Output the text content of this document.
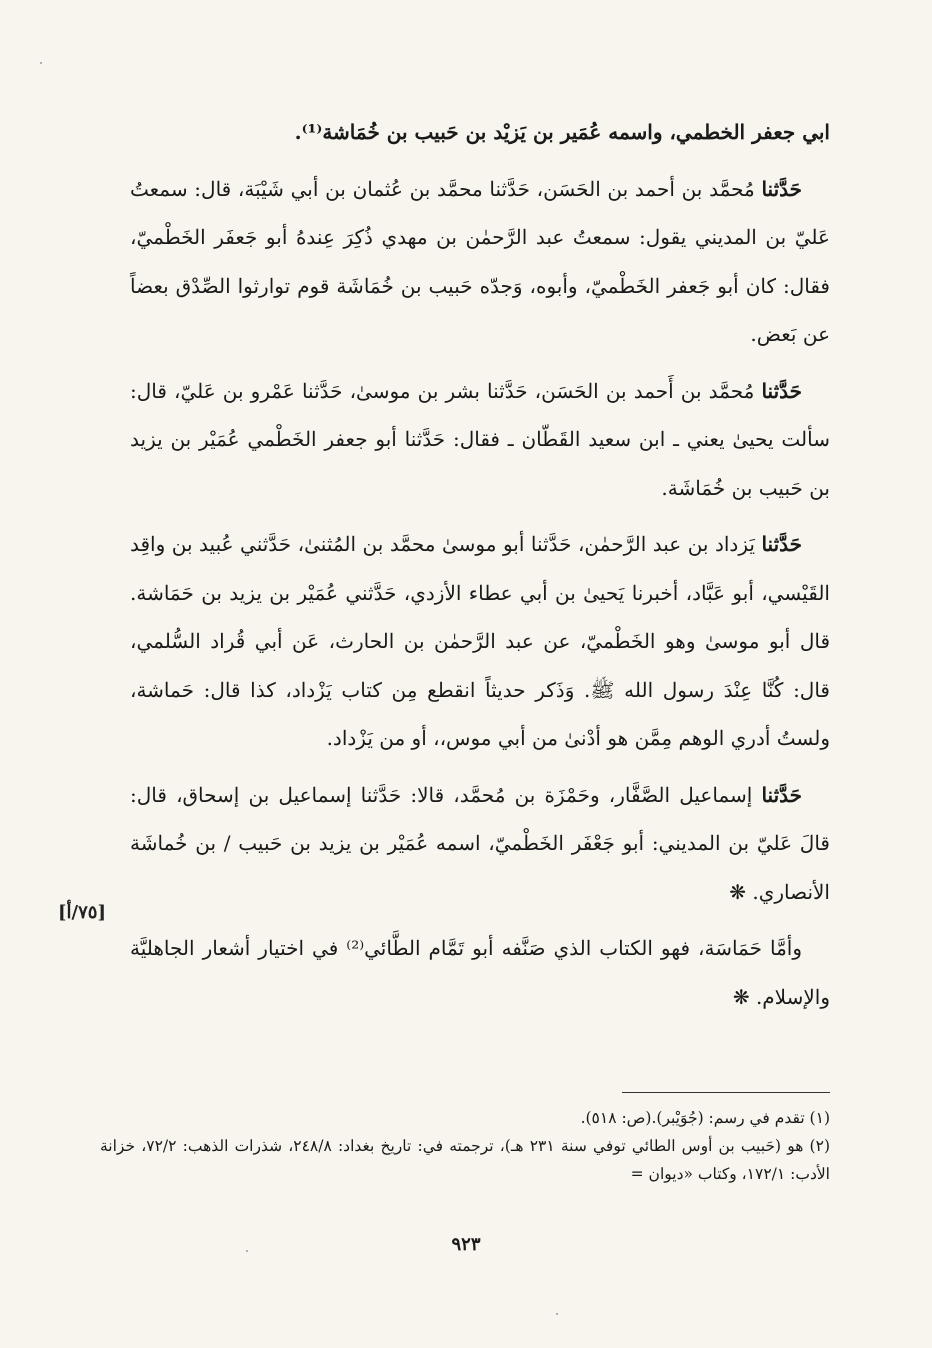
ابي جعفر الخطمي، واسمه عُمَير بن يَزيْد بن حَبيب بن خُمَاشة⁽¹⁾.

حَدَّثنا مُحمَّد بن أحمد بن الحَسَن، حَدَّثنا محمَّد بن عُثمان بن أبي شَيْبَة، قال: سمعتُ عَليّ بن المديني يقول: سمعتُ عبد الرَّحمٰن بن مهدي ذُكِرَ عِندهُ أبو جَعفَر الخَطْميّ، فقال: كان أبو جَعفر الخَطْميّ، وأبوه، وَجدّه حَبيب بن خُمَاشَة قوم توارثوا الصِّدْق بعضاً عن بَعض.

حَدَّثنا مُحمَّد بن أَحمد بن الحَسَن، حَدَّثنا بشر بن موسىٰ، حَدَّثنا عَمْرو بن عَليّ، قال: سألت يحيىٰ يعني ـ ابن سعيد القَطّان ـ فقال: حَدَّثنا أبو جعفر الخَطْمي عُمَيْر بن يزيد بن حَبيب بن خُمَاشَة.

حَدَّثنا يَزداد بن عبد الرَّحمٰن، حَدَّثنا أبو موسىٰ محمَّد بن المُثنىٰ، حَدَّثني عُبيد بن واقِد القَيْسي، أبو عَبَّاد، أخبرنا يَحيىٰ بن أبي عطاء الأزدي، حَدَّثني عُمَيْر بن يزيد بن حَمَاشة. قال أبو موسىٰ وهو الخَطْميّ، عن عبد الرَّحمٰن بن الحارث، عَن أبي قُراد السُّلمي، قال: كُنَّا عِنْدَ رسول الله ﷺ. وَذَكر حديثاً انقطع مِن كتاب يَزْداد، كذا قال: حَماشة، ولستُ أدري الوهم مِمَّن هو أدْنىٰ من أبي موس،، أو من يَزْداد.

حَدَّثنا إسماعيل الصَّفَّار، وحَمْزَة بن مُحمَّد، قالا: حَدَّثنا إسماعيل بن إسحاق، قال: قالَ عَليّ بن المديني: أبو جَعْفَر الخَطْميّ، اسمه عُمَيْر بن يزيد بن حَبيب / بن خُماشَة الأنصاري. ❋

وأمَّا حَمَاسَة، فهو الكتاب الذي صَنَّفه أبو تَمَّام الطَّائي⁽²⁾ في اختيار أشعار الجاهليَّة والإسلام. ❋

[٧٥/أ]

(١) تقدم في رسم: (جُوَيْبر).(ص: ٥١٨).

(٢) هو (حَبيب بن أوس الطائي توفي سنة ٢٣١ هـ)، ترجمته في: تاريخ بغداد: ٢٤٨/٨، شذرات الذهب: ٧٢/٢، خزانة الأدب: ١٧٢/١، وكتاب «ديوان =

٩٢٣
